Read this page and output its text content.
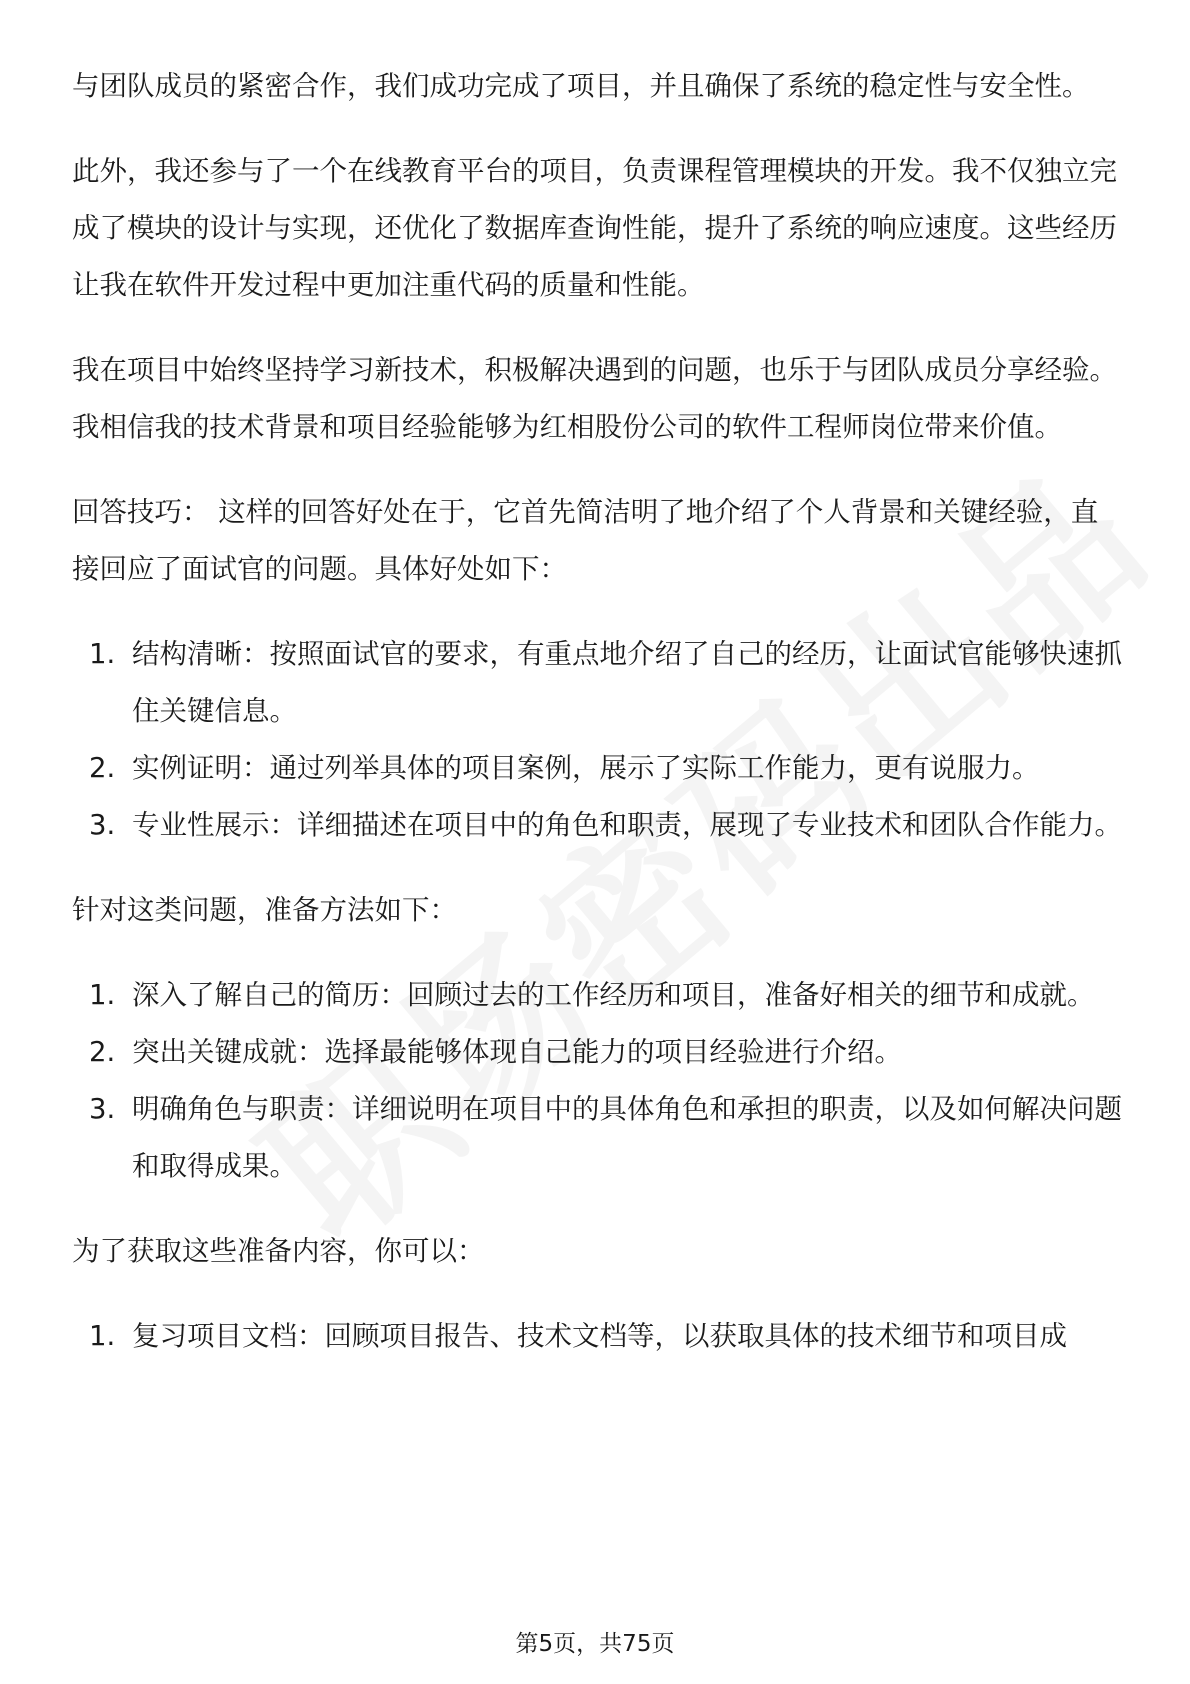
与团队成员的紧密合作，我们成功完成了项目，并且确保了系统的稳定性与安全性。

此外，我还参与了一个在线教育平台的项目，负责课程管理模块的开发。我不仅独立完成了模块的设计与实现，还优化了数据库查询性能，提升了系统的响应速度。这些经历让我在软件开发过程中更加注重代码的质量和性能。

我在项目中始终坚持学习新技术，积极解决遇到的问题，也乐于与团队成员分享经验。我相信我的技术背景和项目经验能够为红相股份公司的软件工程师岗位带来价值。

回答技巧： 这样的回答好处在于，它首先简洁明了地介绍了个人背景和关键经验，直接回应了面试官的问题。具体好处如下：

1. 结构清晰：按照面试官的要求，有重点地介绍了自己的经历，让面试官能够快速抓住关键信息。
2. 实例证明：通过列举具体的项目案例，展示了实际工作能力，更有说服力。
3. 专业性展示：详细描述在项目中的角色和职责，展现了专业技术和团队合作能力。

针对这类问题，准备方法如下：

1. 深入了解自己的简历：回顾过去的工作经历和项目，准备好相关的细节和成就。
2. 突出关键成就：选择最能够体现自己能力的项目经验进行介绍。
3. 明确角色与职责：详细说明在项目中的具体角色和承担的职责，以及如何解决问题和取得成果。

为了获取这些准备内容，你可以：

1. 复习项目文档：回顾项目报告、技术文档等，以获取具体的技术细节和项目成
第5页，共75页
